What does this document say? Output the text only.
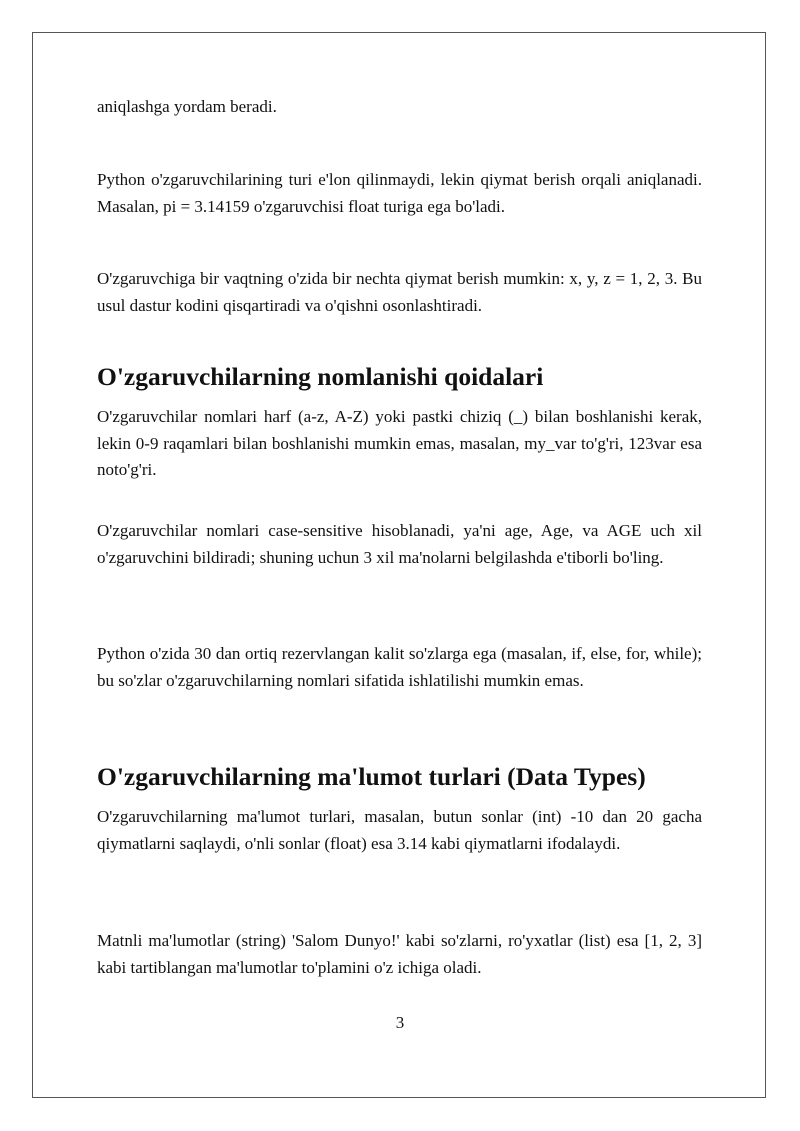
aniqlashga yordam beradi.

Python o'zgaruvchilarining turi e'lon qilinmaydi, lekin qiymat berish orqali aniqlanadi. Masalan, pi = 3.14159 o'zgaruvchisi float turiga ega bo'ladi.

O'zgaruvchiga bir vaqtning o'zida bir nechta qiymat berish mumkin: x, y, z = 1, 2, 3. Bu usul dastur kodini qisqartiradi va o'qishni osonlashtiradi.

O'zgaruvchilarning nomlanishi qoidalari

O'zgaruvchilar nomlari harf (a-z, A-Z) yoki pastki chiziq (_) bilan boshlanishi kerak, lekin 0-9 raqamlari bilan boshlanishi mumkin emas, masalan, my_var to'g'ri, 123var esa noto'g'ri.

O'zgaruvchilar nomlari case-sensitive hisoblanadi, ya'ni age, Age, va AGE uch xil o'zgaruvchini bildiradi; shuning uchun 3 xil ma'nolarni belgilashda e'tiborli bo'ling.

Python o'zida 30 dan ortiq rezervlangan kalit so'zlarga ega (masalan, if, else, for, while); bu so'zlar o'zgaruvchilarning nomlari sifatida ishlatilishi mumkin emas.

O'zgaruvchilarning ma'lumot turlari (Data Types)

O'zgaruvchilarning ma'lumot turlari, masalan, butun sonlar (int) -10 dan 20 gacha qiymatlarni saqlaydi, o'nli sonlar (float) esa 3.14 kabi qiymatlarni ifodalaydi.

Matnli ma'lumotlar (string) 'Salom Dunyo!' kabi so'zlarni, ro'yxatlar (list) esa [1, 2, 3] kabi tartiblangan ma'lumotlar to'plamini o'z ichiga oladi.

3
